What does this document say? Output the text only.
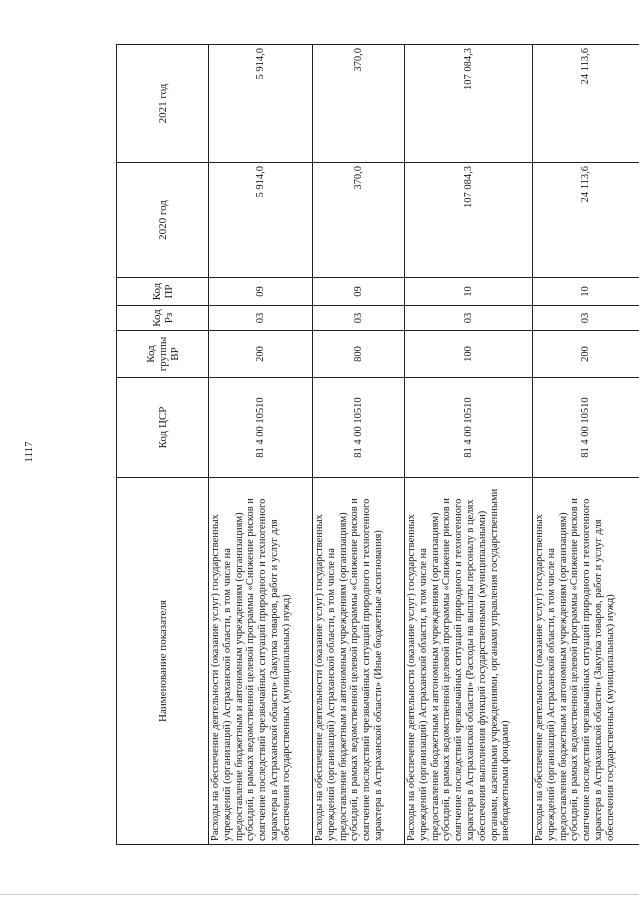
1117
Наименование показателя	Код ЦСР	Код группы ВР	Код Рз	Код ПР	2020 год	2021 год
Расходы на обеспечение деятельности (оказание услуг) государственных учреждений (организаций) Астраханской области, в том числе на предоставление бюджетным и автономным учреждениям (организациям) субсидий, в рамках ведомственной целевой программы «Снижение рисков и смягчение последствий чрезвычайных ситуаций природного и техногенного характера в Астраханской области» (Закупка товаров, работ и услуг для обеспечения государственных (муниципальных) нужд)	81 4 00 10510	200	03	09	5 914,0	5 914,0
Расходы на обеспечение деятельности (оказание услуг) государственных учреждений (организаций) Астраханской области, в том числе на предоставление бюджетным и автономным учреждениям (организациям) субсидий, в рамках ведомственной целевой программы «Снижение рисков и смягчение последствий чрезвычайных ситуаций природного и техногенного характера в Астраханской области» (Иные бюджетные ассигнования)	81 4 00 10510	800	03	09	370,0	370,0
Расходы на обеспечение деятельности (оказание услуг) государственных учреждений (организаций) Астраханской области, в том числе на предоставление бюджетным и автономным учреждениям (организациям) субсидий, в рамках ведомственной целевой программы «Снижение рисков и смягчение последствий чрезвычайных ситуаций природного и техногенного характера в Астраханской области» (Расходы на выплаты персоналу в целях обеспечения выполнения функций государственными (муниципальными) органами, казенными учреждениями, органами управления государственными внебюджетными фондами)	81 4 00 10510	100	03	10	107 084,3	107 084,3
Расходы на обеспечение деятельности (оказание услуг) государственных учреждений (организаций) Астраханской области, в том числе на предоставление бюджетным и автономным учреждениям (организациям) субсидий, в рамках ведомственной целевой программы «Снижение рисков и смягчение последствий чрезвычайных ситуаций природного и техногенного характера в Астраханской области» (Закупка товаров, работ и услуг для обеспечения государственных (муниципальных) нужд)	81 4 00 10510	200	03	10	24 113,6	24 113,6
